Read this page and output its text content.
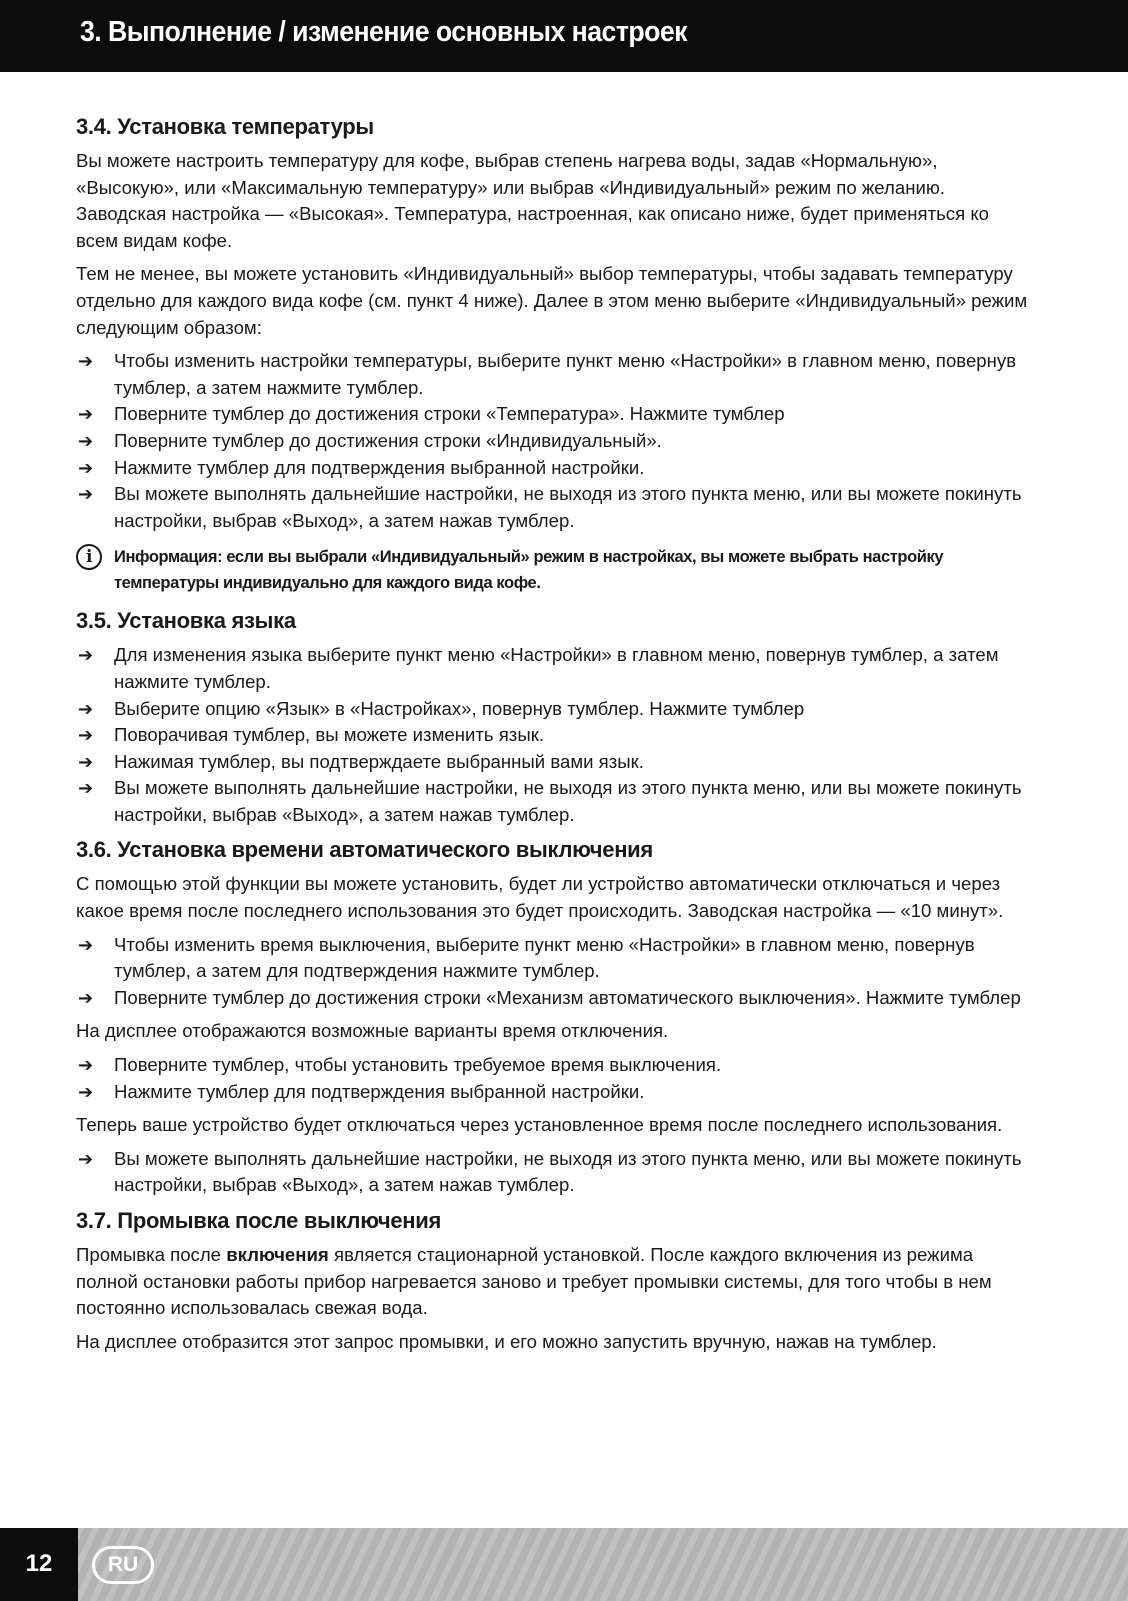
3. Выполнение / изменение основных настроек
3.4. Установка температуры

Вы можете настроить температуру для кофе, выбрав степень нагрева воды, задав «Нормальную», «Высокую», или «Максимальную температуру» или выбрав «Индивидуальный» режим по желанию. Заводская настройка — «Высокая». Температура, настроенная, как описано ниже, будет применяться ко всем видам кофе.

Тем не менее, вы можете установить «Индивидуальный» выбор температуры, чтобы задавать температуру отдельно для каждого вида кофе (см. пункт 4 ниже). Далее в этом меню выберите «Индивидуальный» режим следующим образом:

➔ Чтобы изменить настройки температуры, выберите пункт меню «Настройки» в главном меню, повернув тумблер, а затем нажмите тумблер.
➔ Поверните тумблер до достижения строки «Температура». Нажмите тумблер
➔ Поверните тумблер до достижения строки «Индивидуальный».
➔ Нажмите тумблер для подтверждения выбранной настройки.
➔ Вы можете выполнять дальнейшие настройки, не выходя из этого пункта меню, или вы можете покинуть настройки, выбрав «Выход», а затем нажав тумблер.
i	Информация: если вы выбрали «Индивидуальный» режим в настройках, вы можете выбрать настройку температуры индивидуально для каждого вида кофе.
3.5. Установка языка
➔ Для изменения языка выберите пункт меню «Настройки» в главном меню, повернув тумблер, а затем нажмите тумблер.
➔ Выберите опцию «Язык» в «Настройках», повернув тумблер. Нажмите тумблер
➔ Поворачивая тумблер, вы можете изменить язык.
➔ Нажимая тумблер, вы подтверждаете выбранный вами язык.
➔ Вы можете выполнять дальнейшие настройки, не выходя из этого пункта меню, или вы можете покинуть настройки, выбрав «Выход», а затем нажав тумблер.
3.6. Установка времени автоматического выключения

С помощью этой функции вы можете установить, будет ли устройство автоматически отключаться и через какое время после последнего использования это будет происходить. Заводская настройка — «10 минут».

➔ Чтобы изменить время выключения, выберите пункт меню «Настройки» в главном меню, повернув тумблер, а затем для подтверждения нажмите тумблер.
➔ Поверните тумблер до достижения строки «Механизм автоматического выключения». Нажмите тумблер

На дисплее отображаются возможные варианты время отключения.

➔ Поверните тумблер, чтобы установить требуемое время выключения.
➔ Нажмите тумблер для подтверждения выбранной настройки.

Теперь ваше устройство будет отключаться через установленное время после последнего использования.

➔ Вы можете выполнять дальнейшие настройки, не выходя из этого пункта меню, или вы можете покинуть настройки, выбрав «Выход», а затем нажав тумблер.
3.7. Промывка после выключения

Промывка после включения является стационарной установкой. После каждого включения из режима полной остановки работы прибор нагревается заново и требует промывки системы, для того чтобы в нем постоянно использовалась свежая вода.

На дисплее отобразится этот запрос промывки, и его можно запустить вручную, нажав на тумблер.

12	RU
